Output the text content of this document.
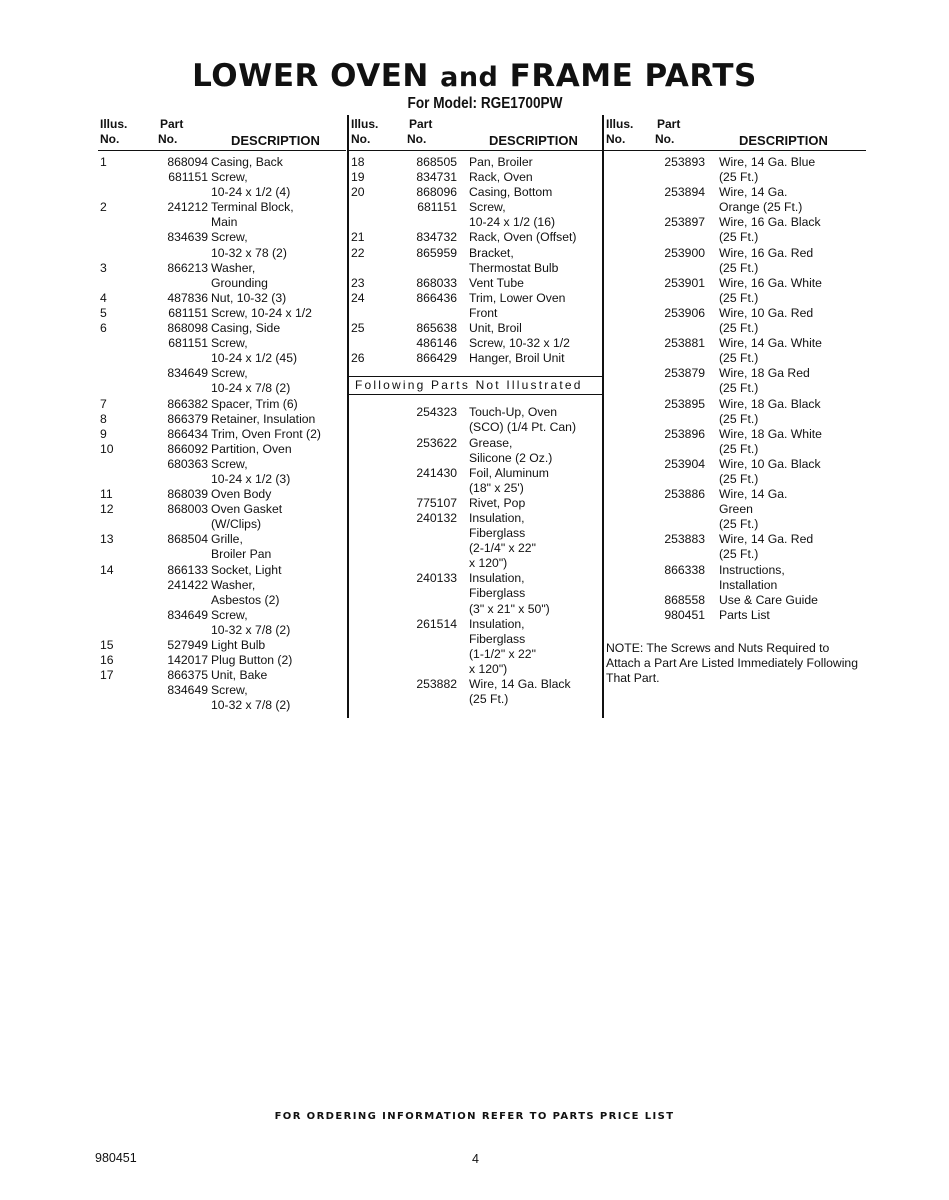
LOWER OVEN and FRAME PARTS
For Model: RGE1700PW
Illus.
No.
Part
No.	DESCRIPTION
1	868094 Casing, Back
681151 Screw,
10-24 x 1/2 (4)
2	241212 Terminal Block,
Main
834639 Screw,
10-32 x 78 (2)
3	866213 Washer,
Grounding
4	487836 Nut, 10-32 (3)
5	681151 Screw, 10-24 x 1/2
6	868098 Casing, Side
681151 Screw,
10-24 x 1/2 (45)
834649 Screw,
10-24 x 7/8 (2)
7	866382 Spacer, Trim (6)
8	866379 Retainer, Insulation
9	866434 Trim, Oven Front (2)
10	866092 Partition, Oven
680363 Screw,
10-24 x 1/2 (3)
11	868039 Oven Body
12	868003 Oven Gasket
(W/Clips)
13	868504 Grille,
Broiler Pan
14	866133 Socket, Light
241422 Washer,
Asbestos (2)
834649 Screw,
10-32 x 7/8 (2)
15	527949 Light Bulb
16	142017 Plug Button (2)
17	866375 Unit, Bake
834649 Screw,
10-32 x 7/8 (2)
Illus.
No.
Part
No.	DESCRIPTION
18	868505 Pan, Broiler
19	834731 Rack, Oven
20	868096 Casing, Bottom
681151 Screw,
10-24 x 1/2 (16)
21	834732 Rack, Oven (Offset)
22	865959 Bracket,
Thermostat Bulb
23	868033 Vent Tube
24	866436 Trim, Lower Oven
Front
25	865638 Unit, Broil
486146 Screw, 10-32 x 1/2
26	866429 Hanger, Broil Unit
Following Parts Not Illustrated
254323 Touch-Up, Oven
(SCO) (1/4 Pt. Can)
253622 Grease,
Silicone (2 Oz.)
241430 Foil, Aluminum
(18" x 25')
775107 Rivet, Pop
240132 Insulation,
Fiberglass
(2-1/4" x 22"
x 120")
240133 Insulation,
Fiberglass
(3" x 21" x 50")
261514 Insulation,
Fiberglass
(1-1/2" x 22"
x 120")
253882 Wire, 14 Ga. Black
(25 Ft.)
Illus.
No.
Part
No.	DESCRIPTION
253893 Wire, 14 Ga. Blue
(25 Ft.)
253894 Wire, 14 Ga.
Orange (25 Ft.)
253897 Wire, 16 Ga. Black
(25 Ft.)
253900 Wire, 16 Ga. Red
(25 Ft.)
253901 Wire, 16 Ga. White
(25 Ft.)
253906 Wire, 10 Ga. Red
(25 Ft.)
253881 Wire, 14 Ga. White
(25 Ft.)
253879 Wire, 18 Ga Red
(25 Ft.)
253895 Wire, 18 Ga. Black
(25 Ft.)
253896 Wire, 18 Ga. White
(25 Ft.)
253904 Wire, 10 Ga. Black
(25 Ft.)
253886 Wire, 14 Ga.
Green
(25 Ft.)
253883 Wire, 14 Ga. Red
(25 Ft.)
866338 Instructions,
Installation
868558 Use & Care Guide
980451 Parts List
NOTE: The Screws and Nuts Required to Attach a Part Are Listed Immediately Following That Part.
FOR ORDERING INFORMATION REFER TO PARTS PRICE LIST
980451	4
